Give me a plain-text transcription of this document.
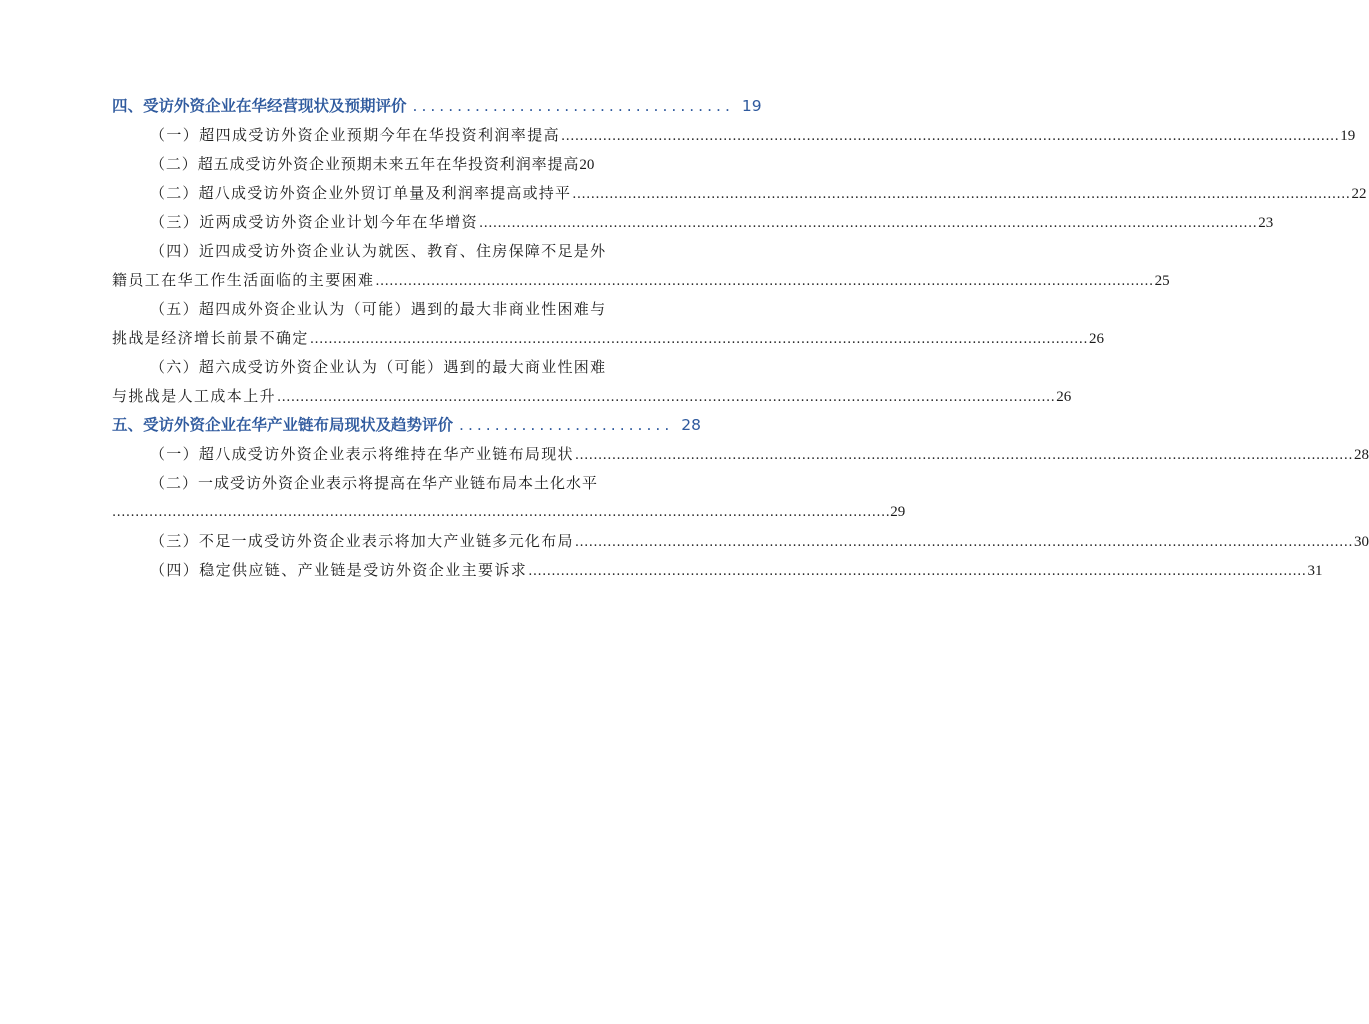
四、受访外资企业在华经营现状及预期评价 .................................... 19
（一）超四成受访外资企业预期今年在华投资利润率提高 ........................................................................................................................................................................ 19
（二）超五成受访外资企业预期未来五年在华投资利润率提高 20
（二）超八成受访外资企业外贸订单量及利润率提高或持平 ........................................................................................................................................................................ 22
（三）近两成受访外资企业计划今年在华增资 ........................................................................................................................................................................ 23
（四）近四成受访外资企业认为就医、教育、住房保障不足是外
籍员工在华工作生活面临的主要困难 ........................................................................................................................................................................ 25
（五）超四成外资企业认为（可能）遇到的最大非商业性困难与
挑战是经济增长前景不确定 ........................................................................................................................................................................ 26
（六）超六成受访外资企业认为（可能）遇到的最大商业性困难
与挑战是人工成本上升 ........................................................................................................................................................................ 26
五、受访外资企业在华产业链布局现状及趋势评价 ........................ 28
（一）超八成受访外资企业表示将维持在华产业链布局现状 ........................................................................................................................................................................ 28
（二）一成受访外资企业表示将提高在华产业链布局本土化水平
........................................................................................................................................................................ 29
（三）不足一成受访外资企业表示将加大产业链多元化布局 ........................................................................................................................................................................ 30
（四）稳定供应链、产业链是受访外资企业主要诉求 ........................................................................................................................................................................ 31
